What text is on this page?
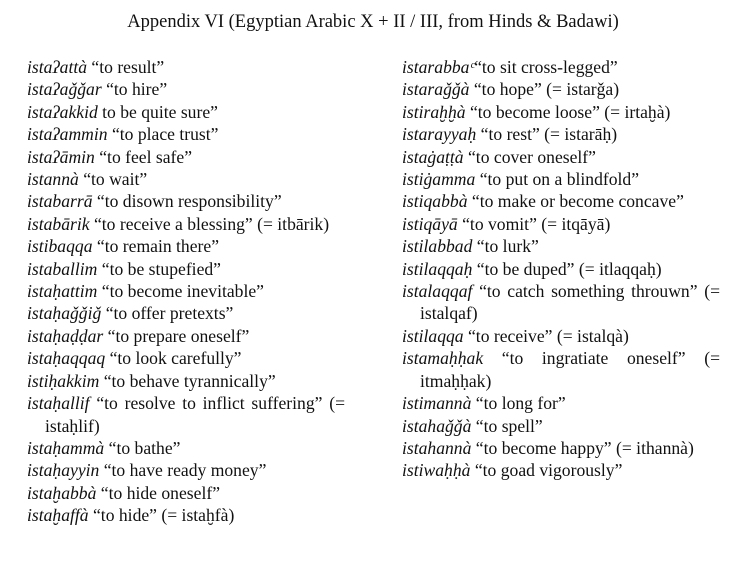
Appendix VI (Egyptian Arabic X + II / III, from Hinds & Badawi)
istaʔattà “to result”
istaʔaǧǧar “to hire”
istaʔakkid to be quite sure”
istaʔammin “to place trust”
istaʔāmin “to feel safe”
istannà “to wait”
istabarrā “to disown responsibility”
istabārik “to receive a blessing” (= itbārik)
istibaqqa “to remain there”
istaballim “to be stupefied”
istaḥattim “to become inevitable”
istaḥaǧǧiǧ “to offer pretexts”
istaḥaḍḍar “to prepare oneself”
istaḥaqqaq “to look carefully”
istiḥakkim “to behave tyrannically”
istaḥallif “to resolve to inflict suffering” (= istaḥlif)
istaḥammà “to bathe”
istaḥayyin “to have ready money”
istaḫabbà “to hide oneself”
istaḫaffà “to hide” (= istaḫfà)
istarabbaᶜ“to sit cross-legged”
istaraǧǧà “to hope” (= istarǧa)
istiraḫḫà “to become loose” (= irtaḫà)
istarayyaḥ “to rest” (= istarāḥ)
istaġaṭṭà “to cover oneself”
istiġamma “to put on a blindfold”
istiqabbà “to make or become concave”
istiqāyā “to vomit” (= itqāyā)
istilabbad “to lurk”
istilaqqaḥ “to be duped” (= itlaqqaḥ)
istalaqqaf “to catch something throuwn” (= istalqaf)
istilaqqa “to receive” (= istalqà)
istamaḥḥak “to ingratiate oneself” (= itmaḥḥak)
istimannà “to long for”
istahaǧǧà “to spell”
istahannà “to become happy” (= ithannà)
istiwaḥḥà “to goad vigorously”
